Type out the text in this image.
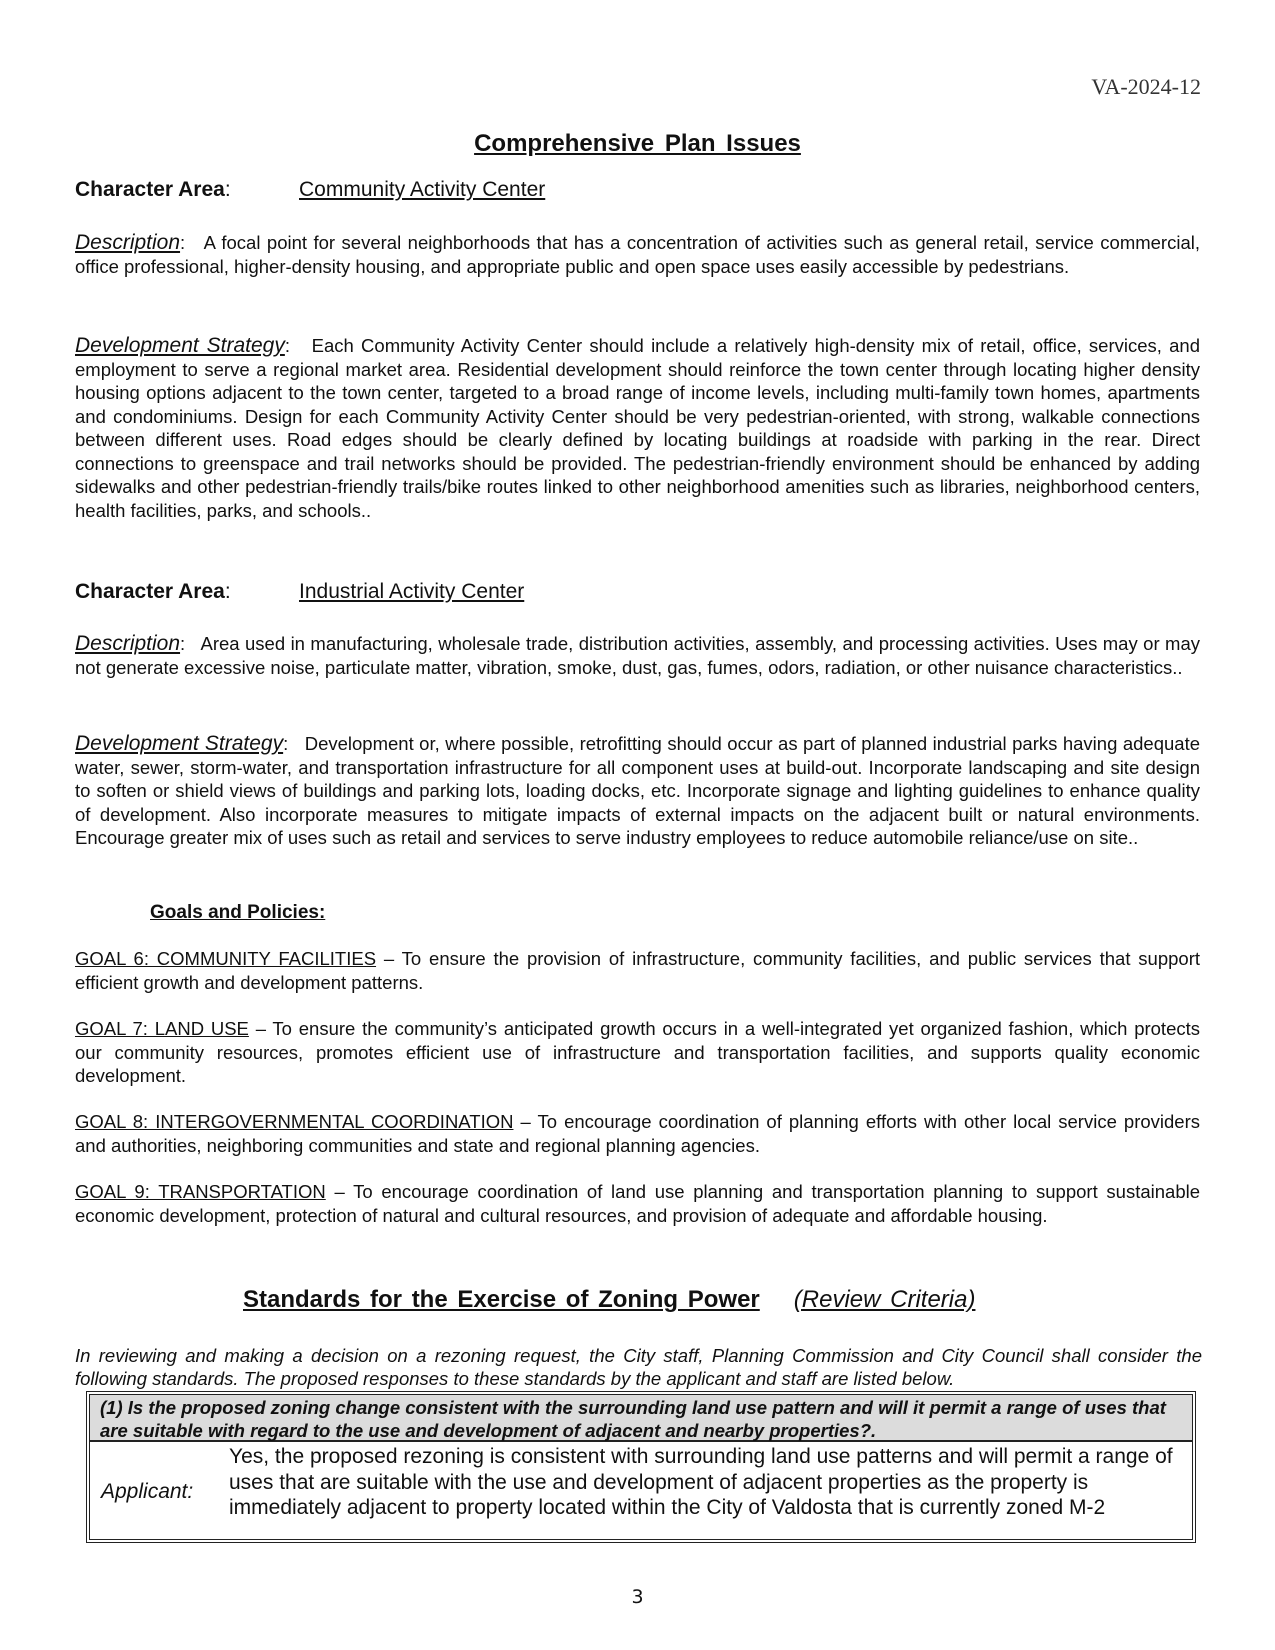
VA-2024-12
Comprehensive Plan Issues
Character Area:	Community Activity Center

Description:   A focal point for several neighborhoods that has a concentration of activities such as general retail, service commercial, office professional, higher-density housing, and appropriate public and open space uses easily accessible by pedestrians.

Development Strategy:   Each Community Activity Center should include a relatively high-density mix of retail, office, services, and employment to serve a regional market area. Residential development should reinforce the town center through locating higher density housing options adjacent to the town center, targeted to a broad range of income levels, including multi-family town homes, apartments and condominiums. Design for each Community Activity Center should be very pedestrian-oriented, with strong, walkable connections between different uses. Road edges should be clearly defined by locating buildings at roadside with parking in the rear. Direct connections to greenspace and trail networks should be provided. The pedestrian-friendly environment should be enhanced by adding sidewalks and other pedestrian-friendly trails/bike routes linked to other neighborhood amenities such as libraries, neighborhood centers, health facilities, parks, and schools..

Character Area:	Industrial Activity Center

Description:   Area used in manufacturing, wholesale trade, distribution activities, assembly, and processing activities. Uses may or may not generate excessive noise, particulate matter, vibration, smoke, dust, gas, fumes, odors, radiation, or other nuisance characteristics..

Development Strategy:   Development or, where possible, retrofitting should occur as part of planned industrial parks having adequate water, sewer, storm-water, and transportation infrastructure for all component uses at build-out. Incorporate landscaping and site design to soften or shield views of buildings and parking lots, loading docks, etc. Incorporate signage and lighting guidelines to enhance quality of development. Also incorporate measures to mitigate impacts of external impacts on the adjacent built or natural environments. Encourage greater mix of uses such as retail and services to serve industry employees to reduce automobile reliance/use on site..

Goals and Policies:

GOAL 6: COMMUNITY FACILITIES – To ensure the provision of infrastructure, community facilities, and public services that support efficient growth and development patterns.

GOAL 7: LAND USE – To ensure the community’s anticipated growth occurs in a well-integrated yet organized fashion, which protects our community resources, promotes efficient use of infrastructure and transportation facilities, and supports quality economic development.

GOAL 8: INTERGOVERNMENTAL COORDINATION – To encourage coordination of planning efforts with other local service providers and authorities, neighboring communities and state and regional planning agencies.

GOAL 9: TRANSPORTATION – To encourage coordination of land use planning and transportation planning to support sustainable economic development, protection of natural and cultural resources, and provision of adequate and affordable housing.

Standards for the Exercise of Zoning Power (Review Criteria)

In reviewing and making a decision on a rezoning request, the City staff, Planning Commission and City Council shall consider the following standards. The proposed responses to these standards by the applicant and staff are listed below.

(1) Is the proposed zoning change consistent with the surrounding land use pattern and will it permit a range of uses that are suitable with regard to the use and development of adjacent and nearby properties?.
Applicant:
Yes, the proposed rezoning is consistent with surrounding land use patterns and will permit a range of uses that are suitable with the use and development of adjacent properties as the property is immediately adjacent to property located within the City of Valdosta that is currently zoned M-2
3
